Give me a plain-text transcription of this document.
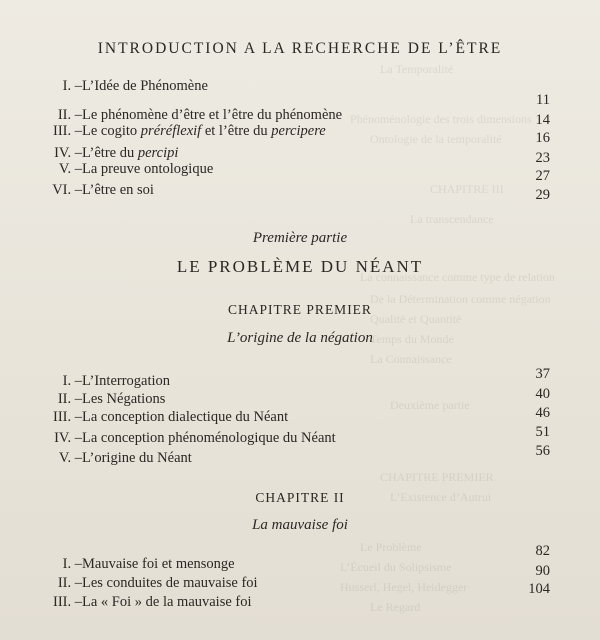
La Temporalité
Phénoménologie des trois dimensions
Ontologie de la temporalité
CHAPITRE III
La transcendance
La connaissance comme type de relation
De la Détermination comme négation
Qualité et Quantité
Temps du Monde
La Connaissance
Deuxième partie
CHAPITRE PREMIER
L’Existence d’Autrui
Le Problème
L’Écueil du Solipsisme
Husserl, Hegel, Heidegger
Le Regard
INTRODUCTION A LA RECHERCHE DE L’ÊTRE
I. – L’Idée de Phénomène
II. – Le phénomène d’être et l’être du phénomène
III. – Le cogito préréflexif et l’être du percipere
IV. – L’être du percipi
V. – La preuve ontologique
VI. – L’être en soi
11
14
16
23
27
29
Première partie
LE PROBLÈME DU NÉANT
CHAPITRE PREMIER
L’origine de la négation
I. – L’Interrogation
II. – Les Négations
III. – La conception dialectique du Néant
IV. – La conception phénoménologique du Néant
V. – L’origine du Néant
37
40
46
51
56
CHAPITRE II
La mauvaise foi
I. – Mauvaise foi et mensonge
II. – Les conduites de mauvaise foi
III. – La « Foi » de la mauvaise foi
82
90
104
